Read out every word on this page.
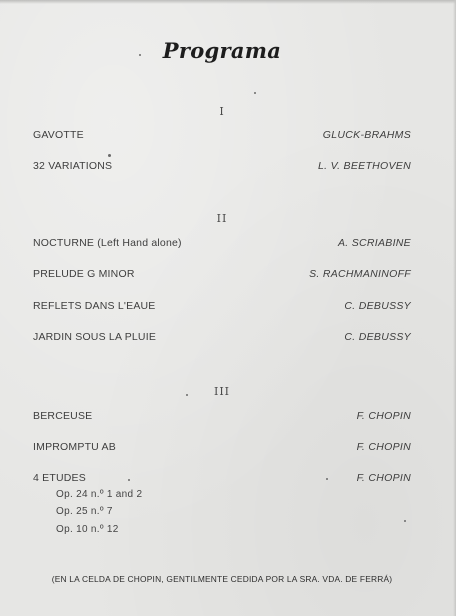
Programa
I
GAVOTTE	GLUCK-BRAHMS
32 VARIATIONS	L. V. BEETHOVEN
II
NOCTURNE (Left Hand alone)	A. SCRIABINE
PRELUDE G MINOR	S. RACHMANINOFF
REFLETS DANS L'EAUE	C. DEBUSSY
JARDIN SOUS LA PLUIE	C. DEBUSSY
III
BERCEUSE	F. CHOPIN
IMPROMPTU AB	F. CHOPIN
4 ETUDES	F. CHOPIN
Op. 24 n.º 1 and 2
Op. 25 n.º 7
Op. 10 n.º 12
(EN LA CELDA DE CHOPIN, GENTILMENTE CEDIDA POR LA SRA. VDA. DE FERRÁ)
